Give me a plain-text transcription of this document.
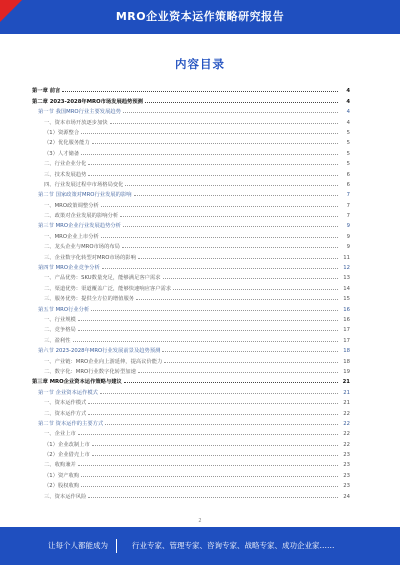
MRO企业资本运作策略研究报告
内容目录
第一章 前言	4
第二章 2023-2028年MRO市场发展趋势预测	4
第一节 我国MRO行业主要发展趋势	4
一、资本市场开放逐步加快	4
（1）资源整合	5
（2）优化服务能力	5
（3）人才储备	5
二、行业企业分化	5
三、技术发展趋势	6
四、行业发展过程中市场格局变化	6
第二节 国家政策对MRO行业发展的影响	7
一、MRO政策调整分析	7
二、政策对企业发展的影响分析	7
第三节 MRO企业行业发展趋势分析	9
一、MRO企业上市分析	9
二、龙头企业与MRO市场的布局	9
三、企业数字化转型对MRO市场的影响	11
第四节 MRO企业竞争分析	12
一、产品优势：SKU数量充足，能够满足客户需求	13
二、渠道优势：渠道覆盖广泛，能够快速响应客户需求	14
三、服务优势：提供全方位的增值服务	15
第五节 MRO行业分析	16
一、行业规模	16
二、竞争格局	17
三、盈利性	17
第六节 2023-2028年MRO行业发展前景及趋势预测	18
一、产业链：MRO企业向上游延伸，提高议价能力	18
二、数字化：MRO行业数字化转型加速	19
第三章 MRO企业资本运作策略与建议	21
第一节 企业资本运作模式	21
一、资本运作模式	21
二、资本运作方式	22
第二节 资本运作的主要方式	22
一、企业上市	22
（1）企业改制上市	22
（2）企业借壳上市	23
二、收购兼并	23
（1）资产收购	23
（2）股权收购	23
三、资本运作风险	24
2
让每个人都能成为	行业专家、管理专家、咨询专家、战略专家、成功企业家……
